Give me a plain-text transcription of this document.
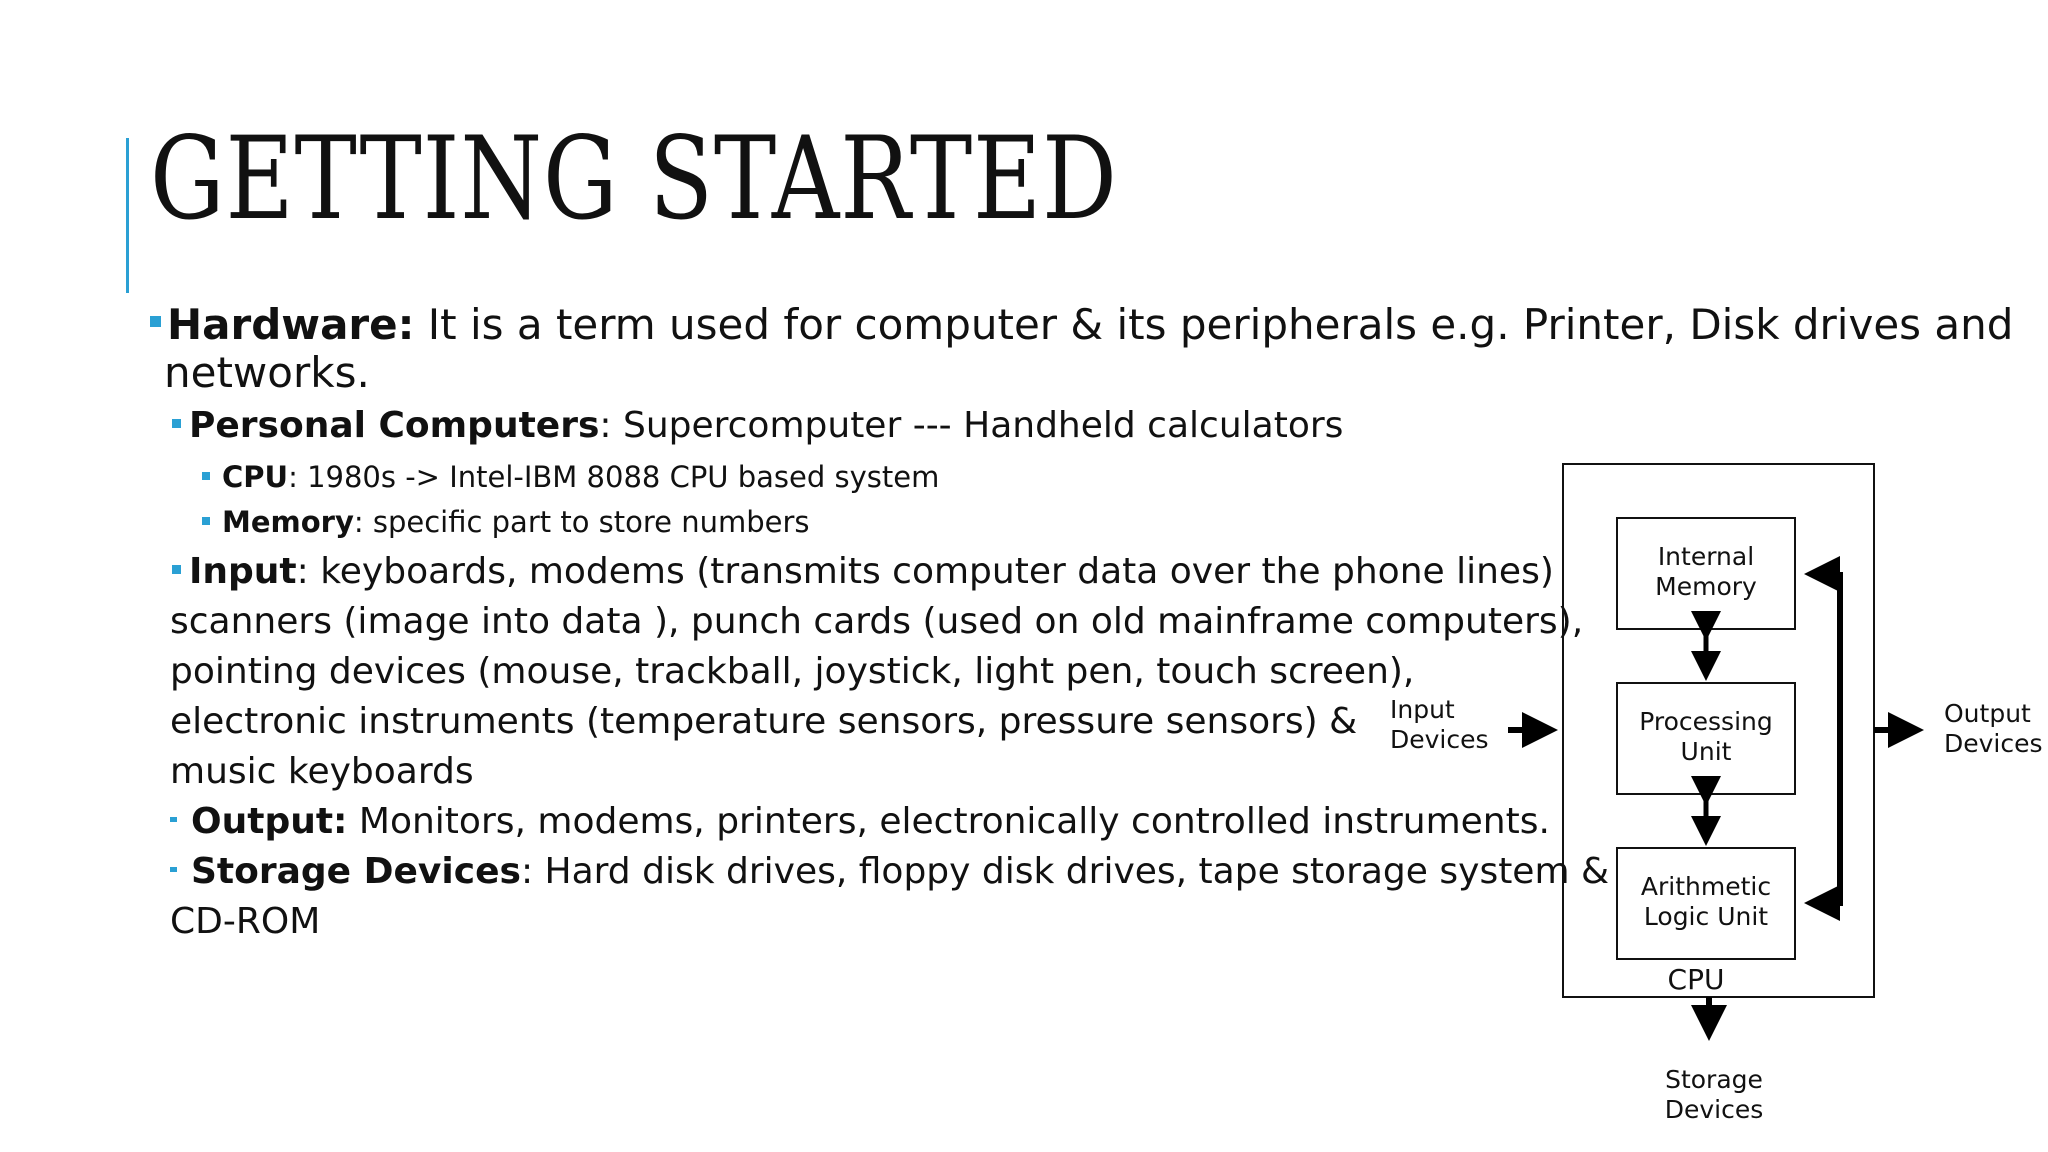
GETTING STARTED
Hardware: It is a term used for computer & its peripherals e.g. Printer, Disk drives and
networks.
Personal Computers: Supercomputer --- Handheld calculators
CPU: 1980s -> Intel-IBM 8088 CPU based system
Memory: specific part to store numbers
Input: keyboards, modems (transmits computer data over the phone lines)
scanners (image into data ), punch cards (used on old mainframe computers),
pointing devices (mouse, trackball, joystick, light pen, touch screen),
electronic instruments (temperature sensors, pressure sensors) &
music keyboards
Output: Monitors, modems, printers, electronically controlled instruments.
Storage Devices: Hard disk drives, floppy disk drives, tape storage system &
CD-ROM
Internal
Memory
Processing
Unit
Arithmetic
Logic Unit
CPU
Input
Devices
Output
Devices
Storage
Devices
